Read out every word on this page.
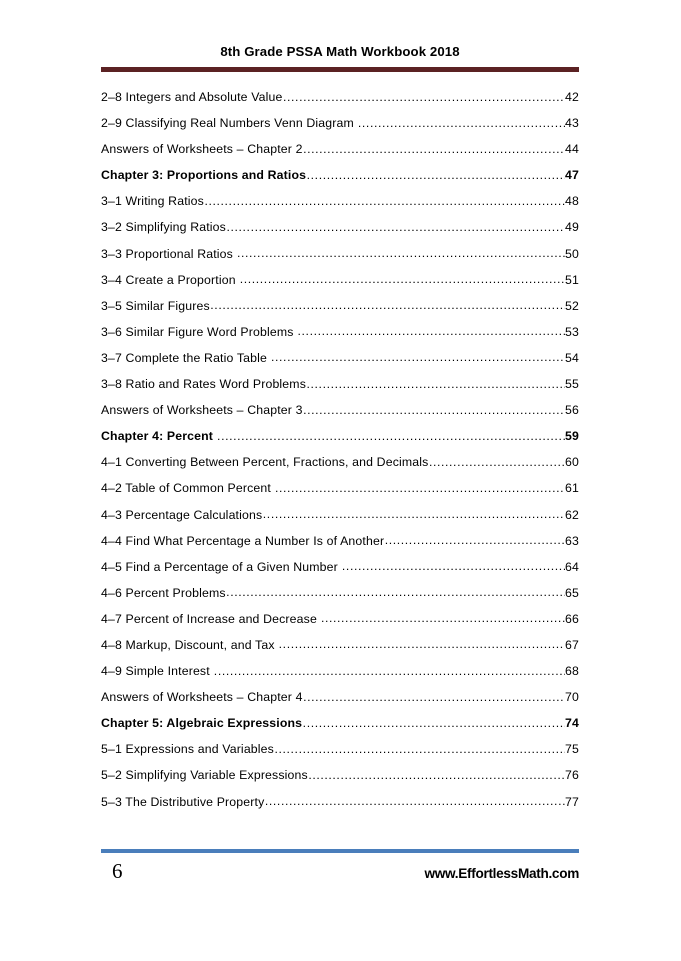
8th Grade PSSA Math Workbook 2018
2–8 Integers and Absolute Value .....	42
2–9 Classifying Real Numbers Venn Diagram .....	43
Answers of Worksheets – Chapter 2 .....	44
Chapter 3: Proportions and Ratios .....	47
3–1 Writing Ratios .....	48
3–2 Simplifying Ratios .....	49
3–3 Proportional Ratios .....	50
3–4 Create a Proportion .....	51
3–5 Similar Figures .....	52
3–6 Similar Figure Word Problems .....	53
3–7 Complete the Ratio Table .....	54
3–8 Ratio and Rates Word Problems .....	55
Answers of Worksheets – Chapter 3 .....	56
Chapter 4: Percent .....	59
4–1 Converting Between Percent, Fractions, and Decimals .....	60
4–2 Table of Common Percent .....	61
4–3 Percentage Calculations .....	62
4–4 Find What Percentage a Number Is of Another .....	63
4–5 Find a Percentage of a Given Number .....	64
4–6 Percent Problems .....	65
4–7 Percent of Increase and Decrease .....	66
4–8 Markup, Discount, and Tax .....	67
4–9 Simple Interest .....	68
Answers of Worksheets – Chapter 4 .....	70
Chapter 5: Algebraic Expressions .....	74
5–1 Expressions and Variables .....	75
5–2 Simplifying Variable Expressions .....	76
5–3 The Distributive Property .....	77
6	www.EffortlessMath.com
